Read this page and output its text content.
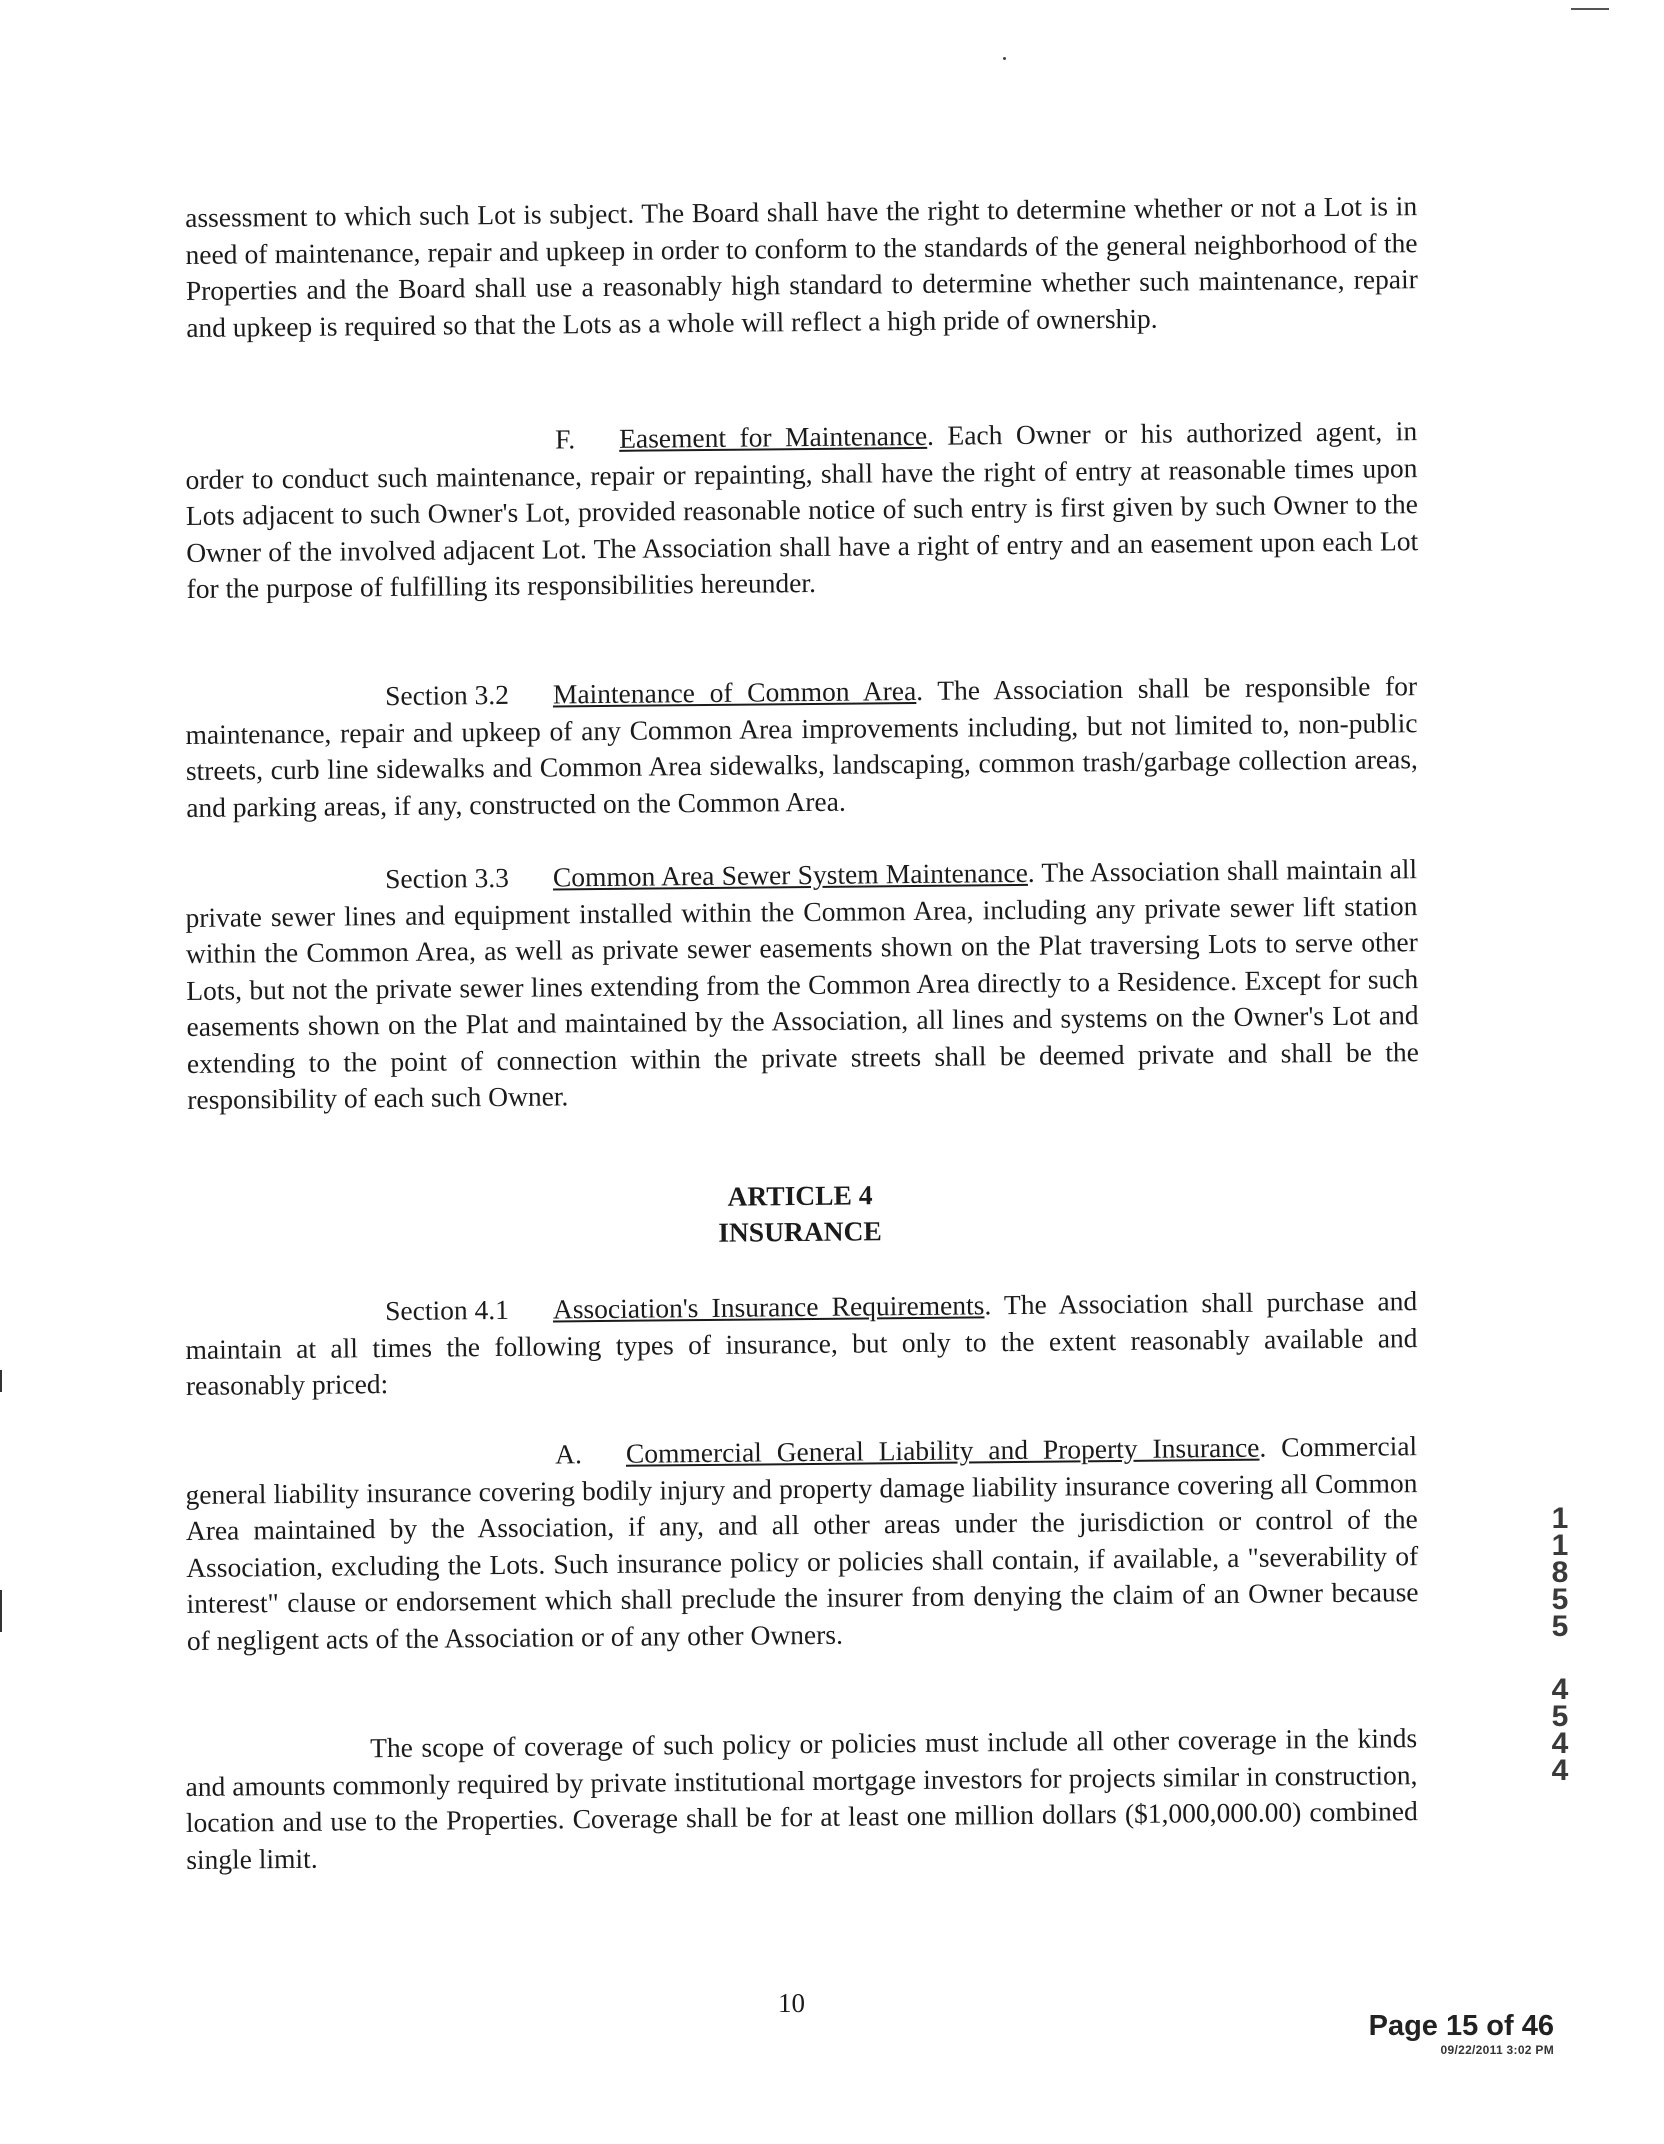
assessment to which such Lot is subject. The Board shall have the right to determine whether or not a Lot is in need of maintenance, repair and upkeep in order to conform to the standards of the general neighborhood of the Properties and the Board shall use a reasonably high standard to determine whether such maintenance, repair and upkeep is required so that the Lots as a whole will reflect a high pride of ownership.

F. Easement for Maintenance. Each Owner or his authorized agent, in order to conduct such maintenance, repair or repainting, shall have the right of entry at reasonable times upon Lots adjacent to such Owner's Lot, provided reasonable notice of such entry is first given by such Owner to the Owner of the involved adjacent Lot. The Association shall have a right of entry and an easement upon each Lot for the purpose of fulfilling its responsibilities hereunder.

Section 3.2 Maintenance of Common Area. The Association shall be responsible for maintenance, repair and upkeep of any Common Area improvements including, but not limited to, non-public streets, curb line sidewalks and Common Area sidewalks, landscaping, common trash/garbage collection areas, and parking areas, if any, constructed on the Common Area.

Section 3.3 Common Area Sewer System Maintenance. The Association shall maintain all private sewer lines and equipment installed within the Common Area, including any private sewer lift station within the Common Area, as well as private sewer easements shown on the Plat traversing Lots to serve other Lots, but not the private sewer lines extending from the Common Area directly to a Residence. Except for such easements shown on the Plat and maintained by the Association, all lines and systems on the Owner's Lot and extending to the point of connection within the private streets shall be deemed private and shall be the responsibility of each such Owner.

ARTICLE 4
INSURANCE

Section 4.1 Association's Insurance Requirements. The Association shall purchase and maintain at all times the following types of insurance, but only to the extent reasonably available and reasonably priced:

A. Commercial General Liability and Property Insurance. Commercial general liability insurance covering bodily injury and property damage liability insurance covering all Common Area maintained by the Association, if any, and all other areas under the jurisdiction or control of the Association, excluding the Lots. Such insurance policy or policies shall contain, if available, a "severability of interest" clause or endorsement which shall preclude the insurer from denying the claim of an Owner because of negligent acts of the Association or of any other Owners.

The scope of coverage of such policy or policies must include all other coverage in the kinds and amounts commonly required by private institutional mortgage investors for projects similar in construction, location and use to the Properties. Coverage shall be for at least one million dollars ($1,000,000.00) combined single limit.

10
Page 15 of 46
09/22/2011 3:02 PM
1
1
8
5
5
4
5
4
4
